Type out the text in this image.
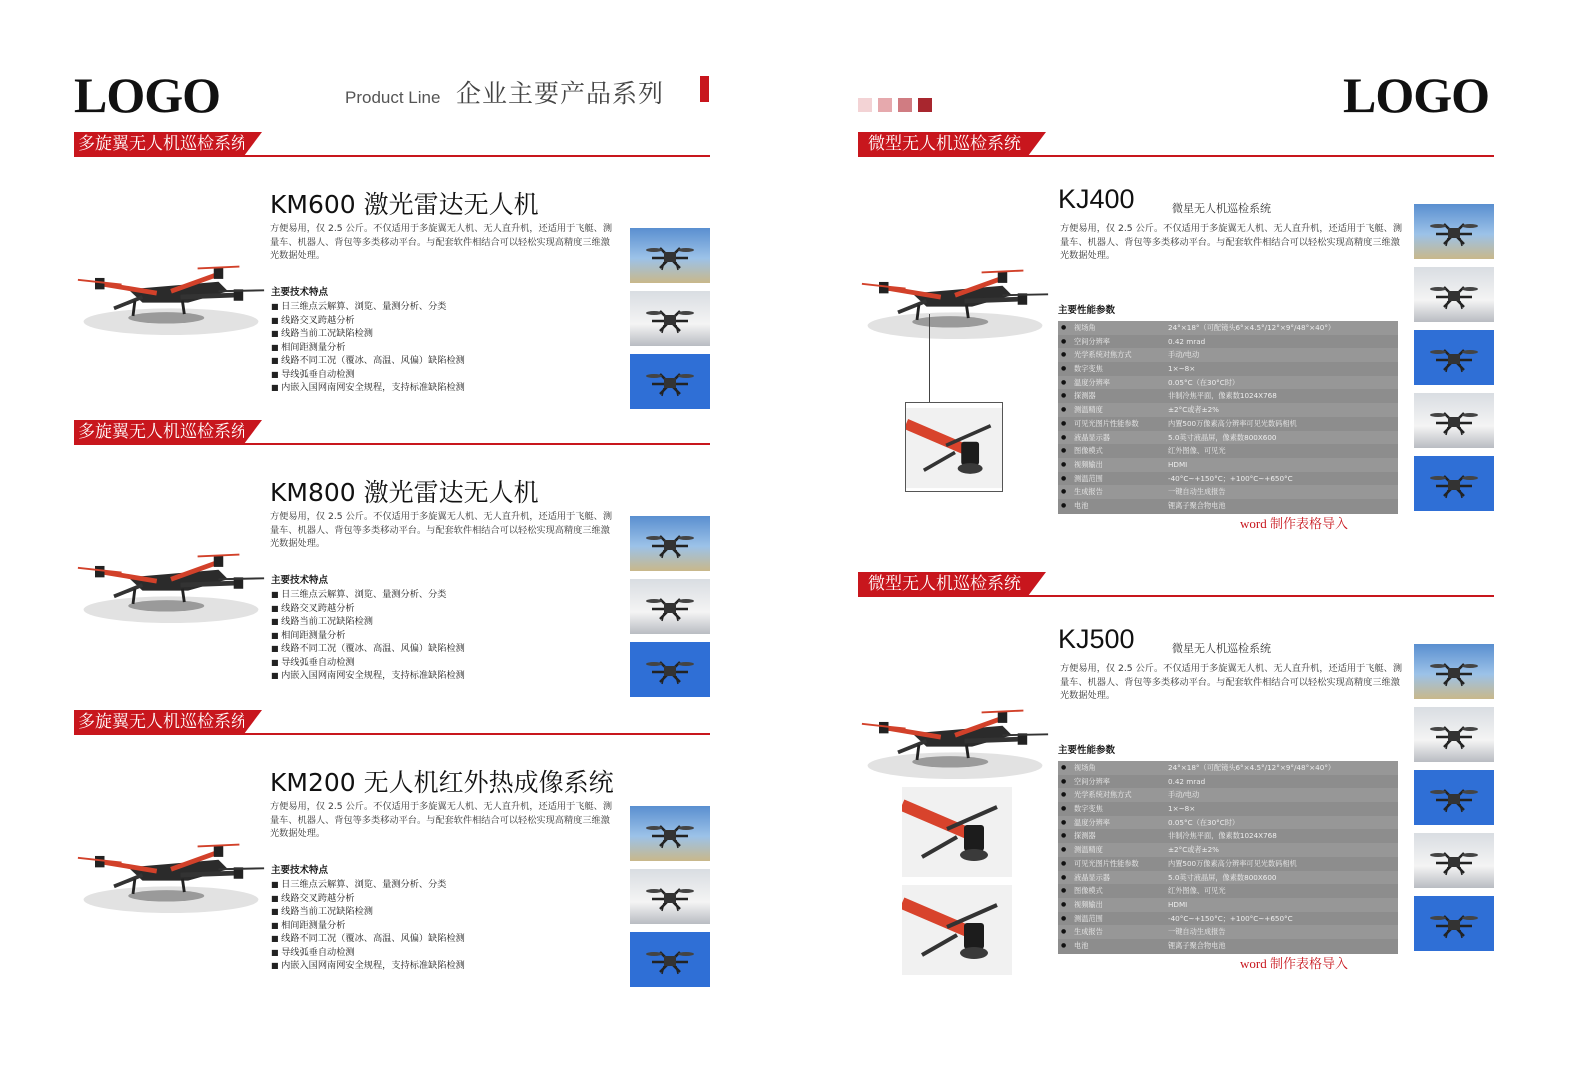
LOGO	Product Line 企业主要产品系列	LOGO
多旋翼无人机巡检系统
KM600 激光雷达无人机
方便易用，仅 2.5 公斤。不仅适用于多旋翼无人机、无人直升机，还适用于飞艇、测量车、机器人、背包等多类移动平台。与配套软件相结合可以轻松实现高精度三维激光数据处理。
主要技术特点
■ 日三维点云解算、浏览、量测分析、分类
■ 线路交叉跨越分析
■ 线路当前工况缺陷检测
■ 相间距测量分析
■ 线路不同工况（覆冰、高温、风偏）缺陷检测
■ 导线弧垂自动检测
■ 内嵌入国网南网安全规程，支持标准缺陷检测
多旋翼无人机巡检系统
KM800 激光雷达无人机
方便易用，仅 2.5 公斤。不仅适用于多旋翼无人机、无人直升机，还适用于飞艇、测量车、机器人、背包等多类移动平台。与配套软件相结合可以轻松实现高精度三维激光数据处理。
主要技术特点
■ 日三维点云解算、浏览、量测分析、分类
■ 线路交叉跨越分析
■ 线路当前工况缺陷检测
■ 相间距测量分析
■ 线路不同工况（覆冰、高温、风偏）缺陷检测
■ 导线弧垂自动检测
■ 内嵌入国网南网安全规程，支持标准缺陷检测
多旋翼无人机巡检系统
KM200 无人机红外热成像系统
方便易用，仅 2.5 公斤。不仅适用于多旋翼无人机、无人直升机，还适用于飞艇、测量车、机器人、背包等多类移动平台。与配套软件相结合可以轻松实现高精度三维激光数据处理。
主要技术特点
■ 日三维点云解算、浏览、量测分析、分类
■ 线路交叉跨越分析
■ 线路当前工况缺陷检测
■ 相间距测量分析
■ 线路不同工况（覆冰、高温、风偏）缺陷检测
■ 导线弧垂自动检测
■ 内嵌入国网南网安全规程，支持标准缺陷检测
微型无人机巡检系统
KJ400	微星无人机巡检系统
方便易用，仅 2.5 公斤。不仅适用于多旋翼无人机、无人直升机，还适用于飞艇、测量车、机器人、背包等多类移动平台。与配套软件相结合可以轻松实现高精度三维激光数据处理。
主要性能参数
● 视场角	24°×18°（可配镜头6°×4.5°/12°×9°/48°×40°）
● 空间分辨率	0.42 mrad
● 光学系统对焦方式	手动/电动
● 数字变焦	1×~8×
● 温度分辨率	0.05°C（在30°C时）
● 探测器	非制冷焦平面，像素数1024X768
● 测温精度	±2°C或者±2%
● 可见光图片性能参数	内置500万像素高分辨率可见光数码相机
● 液晶显示器	5.0英寸液晶屏，像素数800X600
● 图像模式	红外图像、可见光
● 视频输出	HDMI
● 测温范围	-40°C~+150°C；+100°C~+650°C
● 生成报告	一键自动生成报告
● 电池	锂离子聚合物电池
word 制作表格导入
微型无人机巡检系统
KJ500	微星无人机巡检系统
方便易用，仅 2.5 公斤。不仅适用于多旋翼无人机、无人直升机，还适用于飞艇、测量车、机器人、背包等多类移动平台。与配套软件相结合可以轻松实现高精度三维激光数据处理。
主要性能参数
● 视场角	24°×18°（可配镜头6°×4.5°/12°×9°/48°×40°）
● 空间分辨率	0.42 mrad
● 光学系统对焦方式	手动/电动
● 数字变焦	1×~8×
● 温度分辨率	0.05°C（在30°C时）
● 探测器	非制冷焦平面，像素数1024X768
● 测温精度	±2°C或者±2%
● 可见光图片性能参数	内置500万像素高分辨率可见光数码相机
● 液晶显示器	5.0英寸液晶屏，像素数800X600
● 图像模式	红外图像、可见光
● 视频输出	HDMI
● 测温范围	-40°C~+150°C；+100°C~+650°C
● 生成报告	一键自动生成报告
● 电池	锂离子聚合物电池
word 制作表格导入
